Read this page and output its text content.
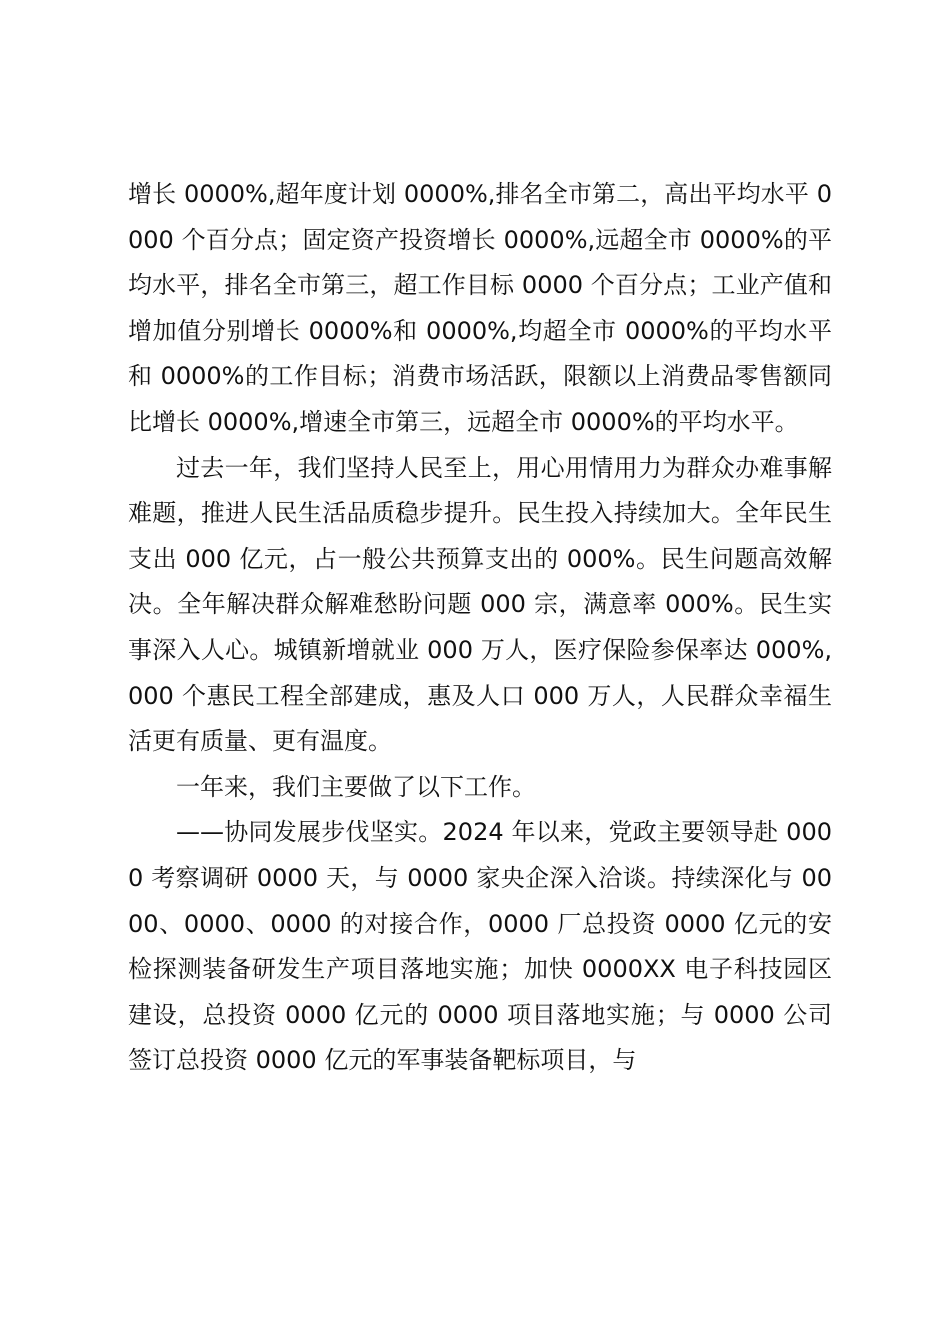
增长 0000%,超年度计划 0000%,排名全市第二，高出平均水平 0000 个百分点；固定资产投资增长 0000%,远超全市 0000%的平均水平，排名全市第三，超工作目标 0000 个百分点；工业产值和增加值分别增长 0000%和 0000%,均超全市 0000%的平均水平和 0000%的工作目标；消费市场活跃，限额以上消费品零售额同比增长 0000%,增速全市第三，远超全市 0000%的平均水平。

过去一年，我们坚持人民至上，用心用情用力为群众办难事解难题，推进人民生活品质稳步提升。民生投入持续加大。全年民生支出 000 亿元，占一般公共预算支出的 000%。民生问题高效解决。全年解决群众解难愁盼问题 000 宗，满意率 000%。民生实事深入人心。城镇新增就业 000 万人，医疗保险参保率达 000%,000 个惠民工程全部建成，惠及人口 000 万人，人民群众幸福生活更有质量、更有温度。

一年来，我们主要做了以下工作。

——协同发展步伐坚实。2024 年以来，党政主要领导赴 0000 考察调研 0000 天，与 0000 家央企深入洽谈。持续深化与 0000、0000、0000 的对接合作，0000 厂总投资 0000 亿元的安检探测装备研发生产项目落地实施；加快 0000XX 电子科技园区建设，总投资 0000 亿元的 0000 项目落地实施；与 0000 公司签订总投资 0000 亿元的军事装备靶标项目，与
